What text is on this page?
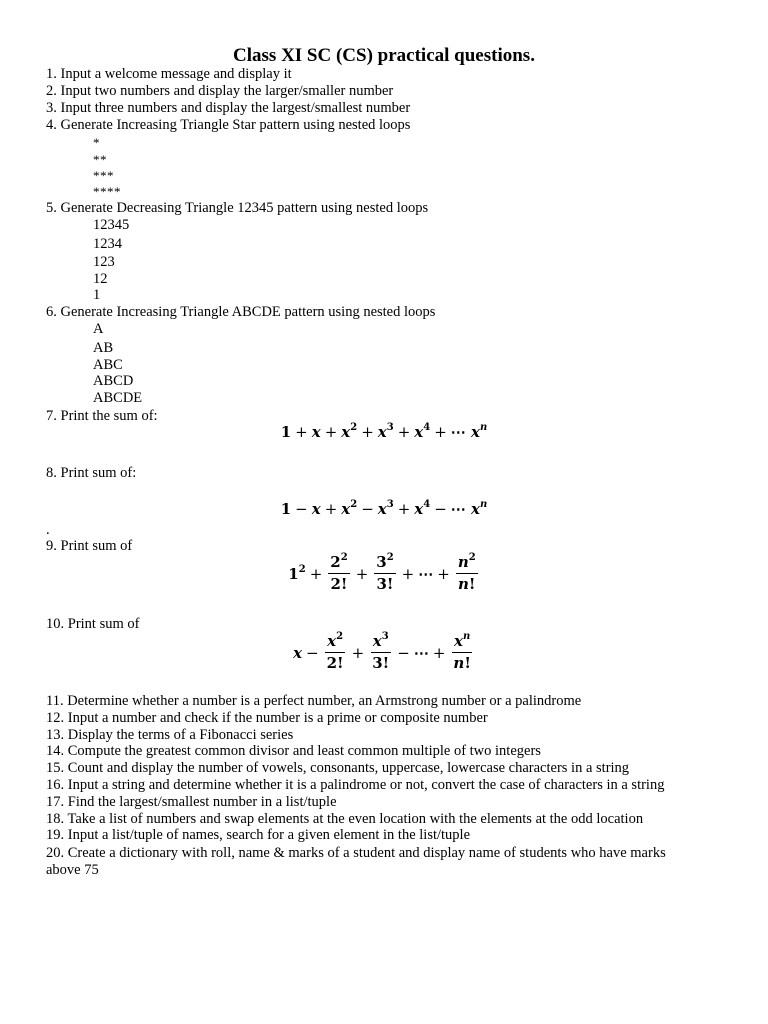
Class XI SC (CS) practical questions.
1. Input a welcome message and display it
2. Input two numbers and display the larger/smaller number
3. Input three numbers and display the largest/smallest number
4. Generate Increasing Triangle Star pattern using nested loops
*
**
***
****
5. Generate Decreasing Triangle 12345 pattern using nested loops
12345
1234
123
12
1
6. Generate Increasing Triangle ABCDE pattern using nested loops
A
AB
ABC
ABCD
ABCDE
7. Print the sum of:
$1 + x + x^2 + x^3 + x^4$ + ⋯ $x^n$
8. Print sum of:
$1 - x + x^2 - x^3 + x^4$ − ⋯ $x^n$
.
9. Print sum of
$1^2 + \frac{2^2}{2!} + \frac{3^2}{3!}$ + ⋯ + $\frac{n^2}{n!}$
10. Print sum of
$x - \frac{x^2}{2!} + \frac{x^3}{3!}$ − ⋯ + $\frac{x^n}{n!}$
11. Determine whether a number is a perfect number, an Armstrong number or a palindrome
12. Input a number and check if the number is a prime or composite number
13. Display the terms of a Fibonacci series
14. Compute the greatest common divisor and least common multiple of two integers
15. Count and display the number of vowels, consonants, uppercase, lowercase characters in a string
16. Input a string and determine whether it is a palindrome or not, convert the case of characters in a string
17. Find the largest/smallest number in a list/tuple
18. Take a list of numbers and swap elements at the even location with the elements at the odd location
19. Input a list/tuple of names, search for a given element in the list/tuple
20. Create a dictionary with roll, name & marks of a student and display name of students who have marks
above 75
